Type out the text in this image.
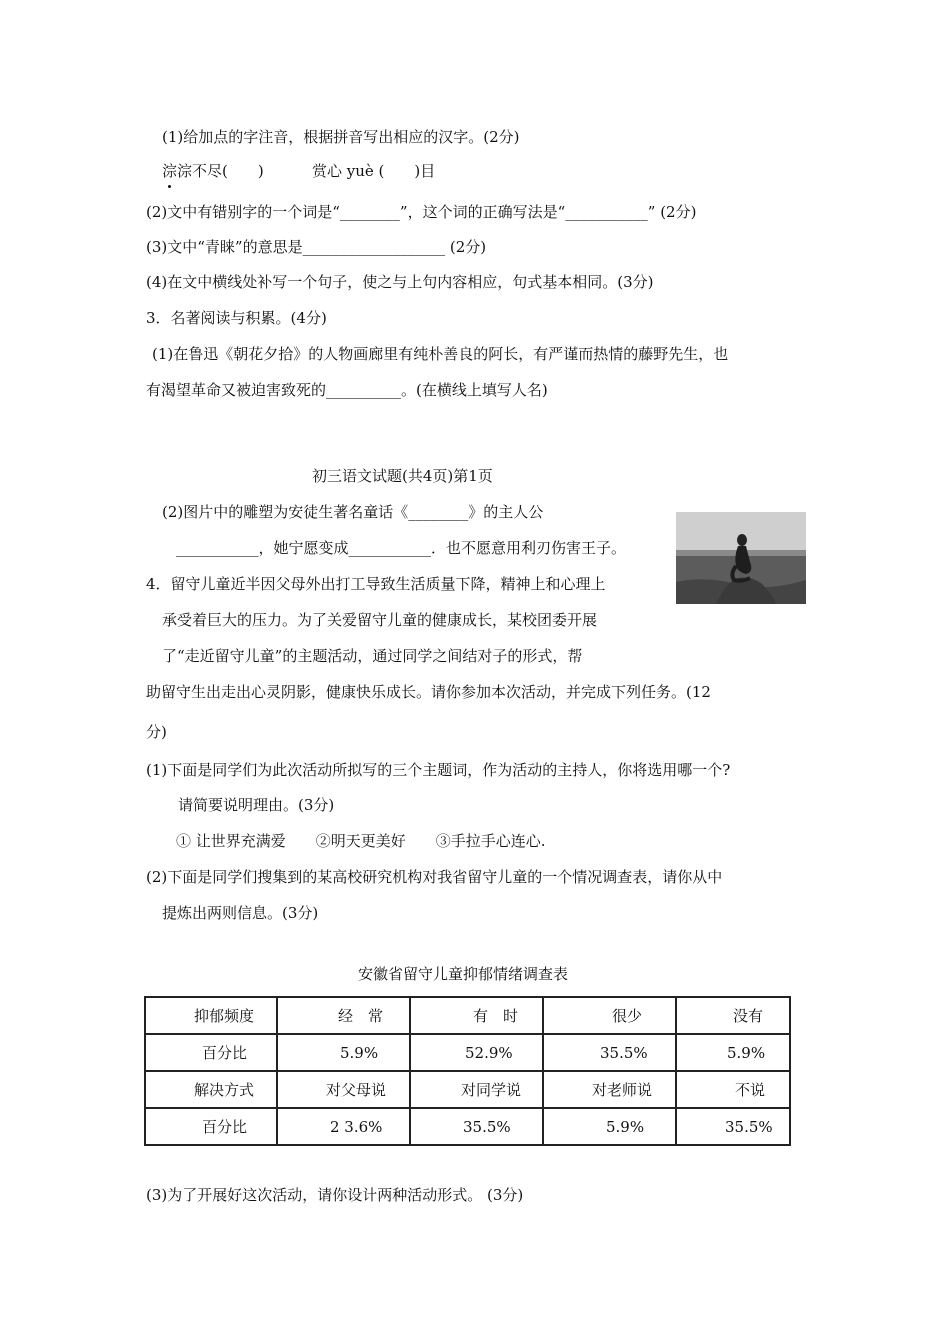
(1)给加点的字注音，根据拼音写出相应的汉字。(2分)
淙淙不尽(　　)	赏心 yuè (　　)目
(2)文中有错别字的一个词是“________”，这个词的正确写法是“___________” (2分)
(3)文中“青睐”的意思是___________________ (2分)
(4)在文中横线处补写一个句子，使之与上句内容相应，句式基本相同。(3分)
3．名著阅读与积累。(4分)
(1)在鲁迅《朝花夕拾》的人物画廊里有纯朴善良的阿长，有严谨而热情的藤野先生，也
有渴望革命又被迫害致死的__________。(在横线上填写人名)
初三语文试题(共4页)第1页
(2)图片中的雕塑为安徒生著名童话《________》的主人公
___________，她宁愿变成___________．也不愿意用利刃伤害王子。
4．留守儿童近半因父母外出打工导致生活质量下降，精神上和心理上
承受着巨大的压力。为了关爱留守儿童的健康成长，某校团委开展
了“走近留守儿童”的主题活动，通过同学之间结对子的形式，帮
助留守生出走出心灵阴影，健康快乐成长。请你参加本次活动，并完成下列任务。(12
分)
(1)下面是同学们为此次活动所拟写的三个主题词，作为活动的主持人，你将选用哪一个?
请简要说明理由。(3分)
① 让世界充满爱　　②明天更美好　　③手拉手心连心.
(2)下面是同学们搜集到的某高校研究机构对我省留守儿童的一个情况调查表，请你从中
提炼出两则信息。(3分)
安徽省留守儿童抑郁情绪调查表
抑郁频度	经　常	有　时	很少	没有
百分比	5.9%	52.9%	35.5%	5.9%
解决方式	对父母说	对同学说	对老师说	不说
百分比	2 3.6%	35.5%	5.9%	35.5%
(3)为了开展好这次活动，请你设计两种活动形式。 (3分)
